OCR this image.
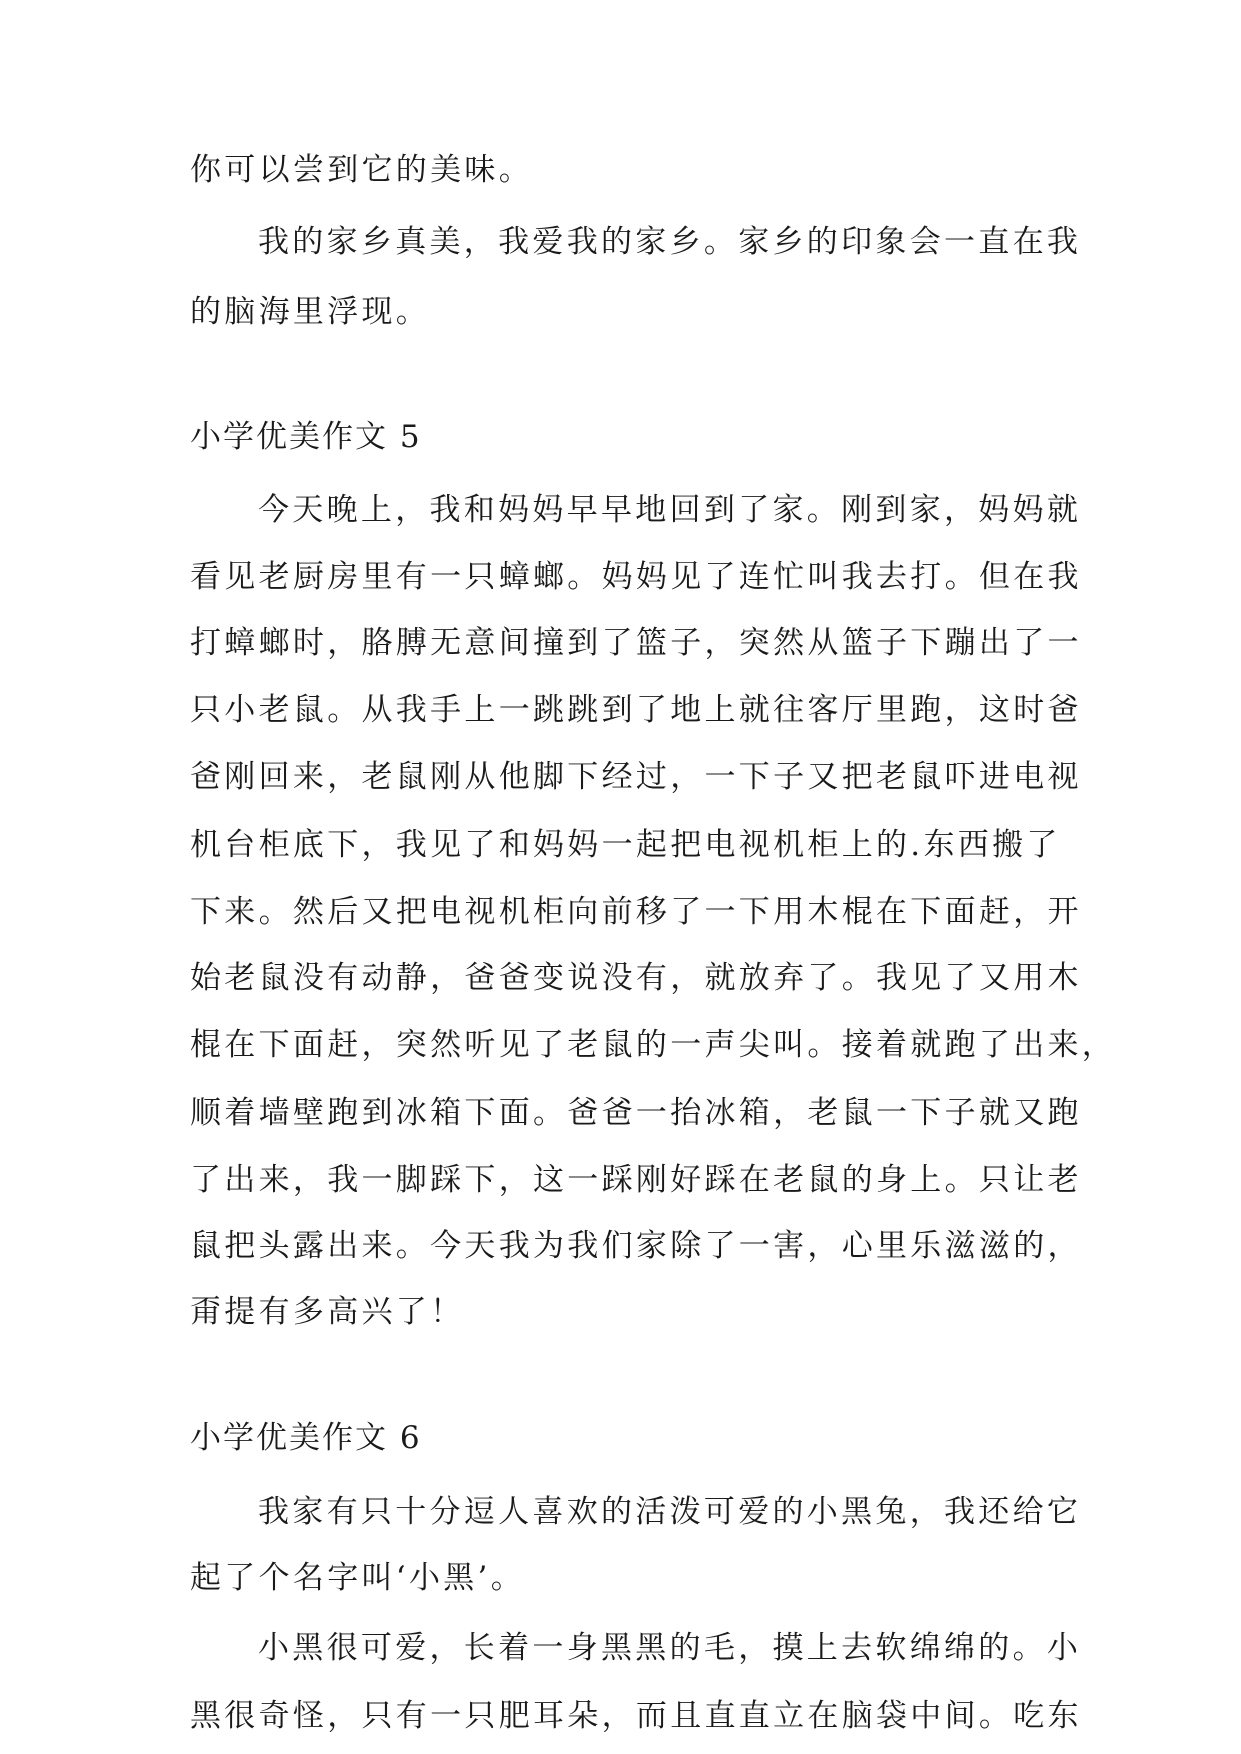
你可以尝到它的美味。
我的家乡真美，我爱我的家乡。家乡的印象会一直在我
的脑海里浮现。
小学优美作文 5
今天晚上，我和妈妈早早地回到了家。刚到家，妈妈就
看见老厨房里有一只蟑螂。妈妈见了连忙叫我去打。但在我
打蟑螂时，胳膊无意间撞到了篮子，突然从篮子下蹦出了一
只小老鼠。从我手上一跳跳到了地上就往客厅里跑，这时爸
爸刚回来，老鼠刚从他脚下经过，一下子又把老鼠吓进电视
机台柜底下，我见了和妈妈一起把电视机柜上的.东西搬了
下来。然后又把电视机柜向前移了一下用木棍在下面赶，开
始老鼠没有动静，爸爸变说没有，就放弃了。我见了又用木
棍在下面赶，突然听见了老鼠的一声尖叫。接着就跑了出来，
顺着墙壁跑到冰箱下面。爸爸一抬冰箱，老鼠一下子就又跑
了出来，我一脚踩下，这一踩刚好踩在老鼠的身上。只让老
鼠把头露出来。今天我为我们家除了一害，心里乐滋滋的，
甭提有多高兴了！
小学优美作文 6
我家有只十分逗人喜欢的活泼可爱的小黑兔，我还给它
起了个名字叫‘小黑’。
小黑很可爱，长着一身黑黑的毛，摸上去软绵绵的。小
黑很奇怪，只有一只肥耳朵，而且直直立在脑袋中间。吃东
